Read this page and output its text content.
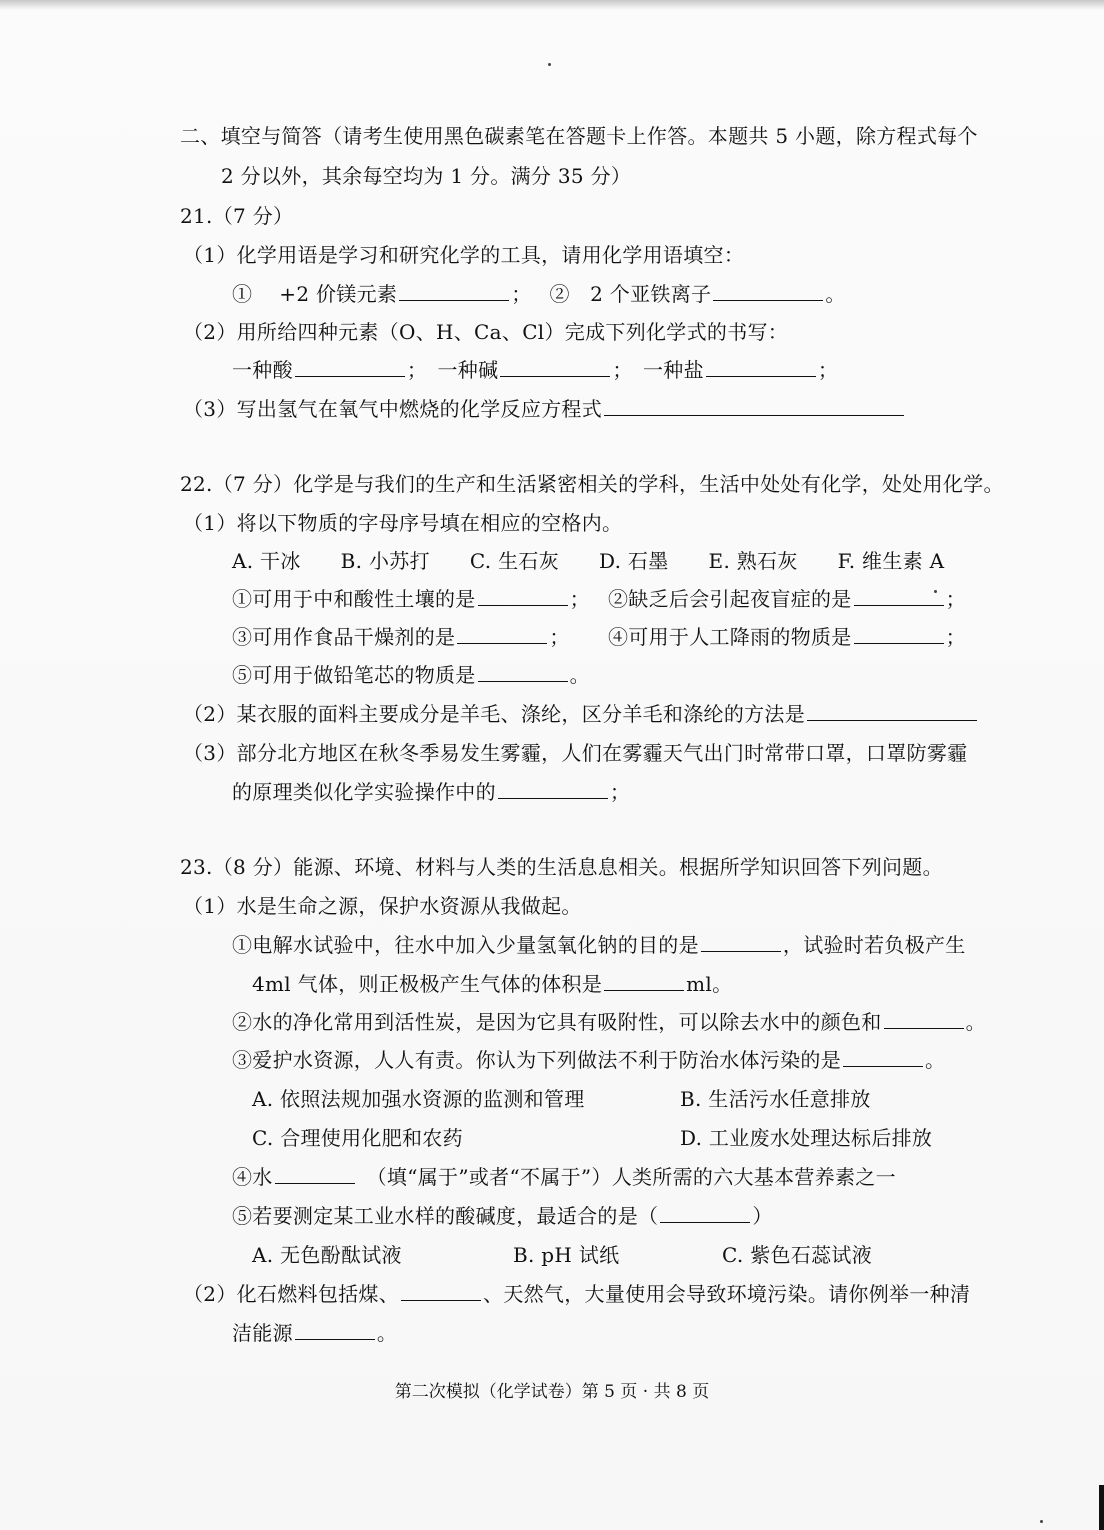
二、填空与简答（请考生使用黑色碳素笔在答题卡上作答。本题共 5 小题，除方程式每个
2 分以外，其余每空均为 1 分。满分 35 分）
21.（7 分）
（1）化学用语是学习和研究化学的工具，请用化学用语填空：
①　 +2 价镁元素	； ②　2 个亚铁离子	。
（2）用所给四种元素（O、H、Ca、Cl）完成下列化学式的书写：
一种酸	；　一种碱	；　一种盐	；
（3）写出氢气在氧气中燃烧的化学反应方程式
22.（7 分）化学是与我们的生产和生活紧密相关的学科，生活中处处有化学，处处用化学。
（1）将以下物质的字母序号填在相应的空格内。
A. 干冰 B. 小苏打 C. 生石灰 D. 石墨 E. 熟石灰 F. 维生素 A
①可用于中和酸性土壤的是	； ②缺乏后会引起夜盲症的是	；
③可用作食品干燥剂的是	； ④可用于人工降雨的物质是	；
⑤可用于做铅笔芯的物质是	。
（2）某衣服的面料主要成分是羊毛、涤纶，区分羊毛和涤纶的方法是
（3）部分北方地区在秋冬季易发生雾霾，人们在雾霾天气出门时常带口罩，口罩防雾霾
的原理类似化学实验操作中的	；
23.（8 分）能源、环境、材料与人类的生活息息相关。根据所学知识回答下列问题。
（1）水是生命之源，保护水资源从我做起。
①电解水试验中，往水中加入少量氢氧化钠的目的是	，试验时若负极产生
4ml 气体，则正极极产生气体的体积是	ml。
②水的净化常用到活性炭，是因为它具有吸附性，可以除去水中的颜色和	。
③爱护水资源，人人有责。你认为下列做法不利于防治水体污染的是	。
A. 依照法规加强水资源的监测和管理	B. 生活污水任意排放
C. 合理使用化肥和农药	D. 工业废水处理达标后排放
④水	（填“属于”或者“不属于”）人类所需的六大基本营养素之一
⑤若要测定某工业水样的酸碱度，最适合的是（	）
A. 无色酚酞试液	B. pH 试纸	C. 紫色石蕊试液
（2）化石燃料包括煤、	、天然气，大量使用会导致环境污染。请你例举一种清
洁能源	。
第二次模拟（化学试卷）第 5 页 · 共 8 页
